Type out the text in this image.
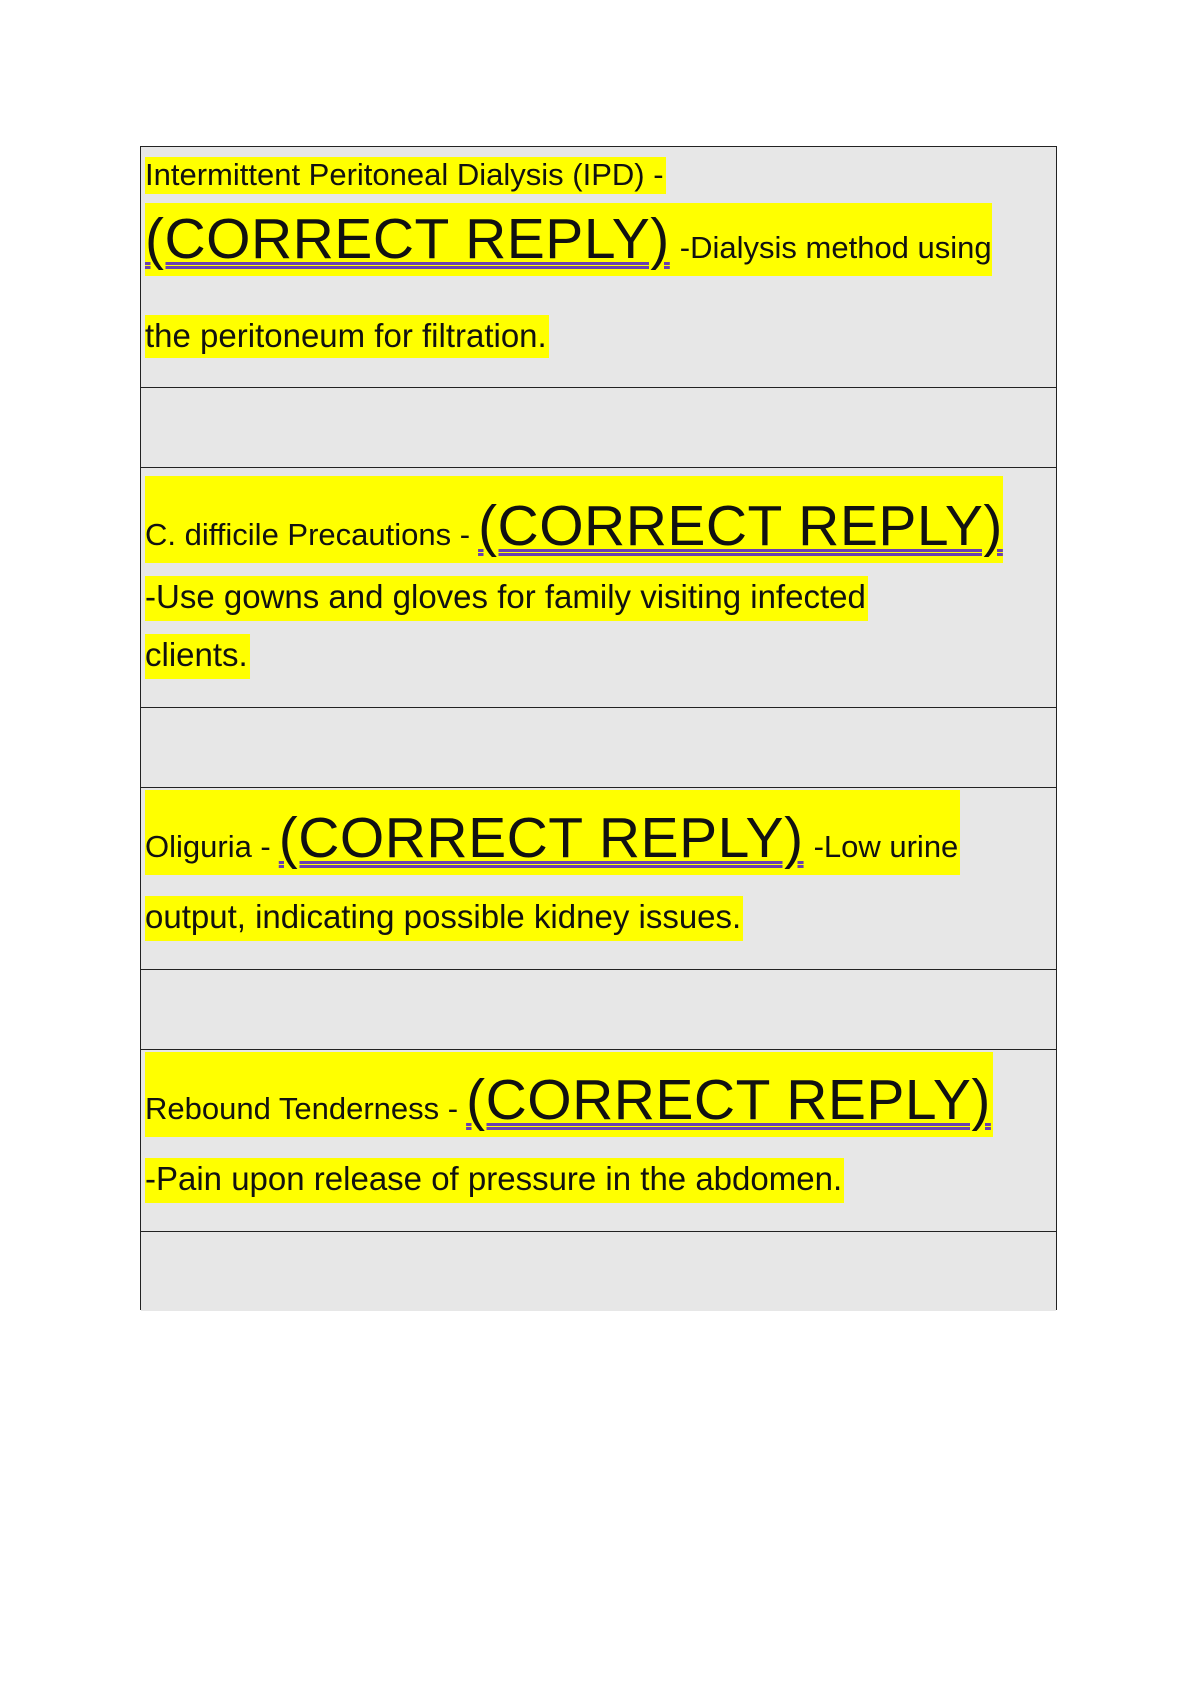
Intermittent Peritoneal Dialysis (IPD) -
(CORRECT REPLY) -Dialysis method using
the peritoneum for filtration.
C. difficile Precautions - (CORRECT REPLY)
-Use gowns and gloves for family visiting infected
clients.
Oliguria - (CORRECT REPLY) -Low urine
output, indicating possible kidney issues.
Rebound Tenderness - (CORRECT REPLY)
-Pain upon release of pressure in the abdomen.
